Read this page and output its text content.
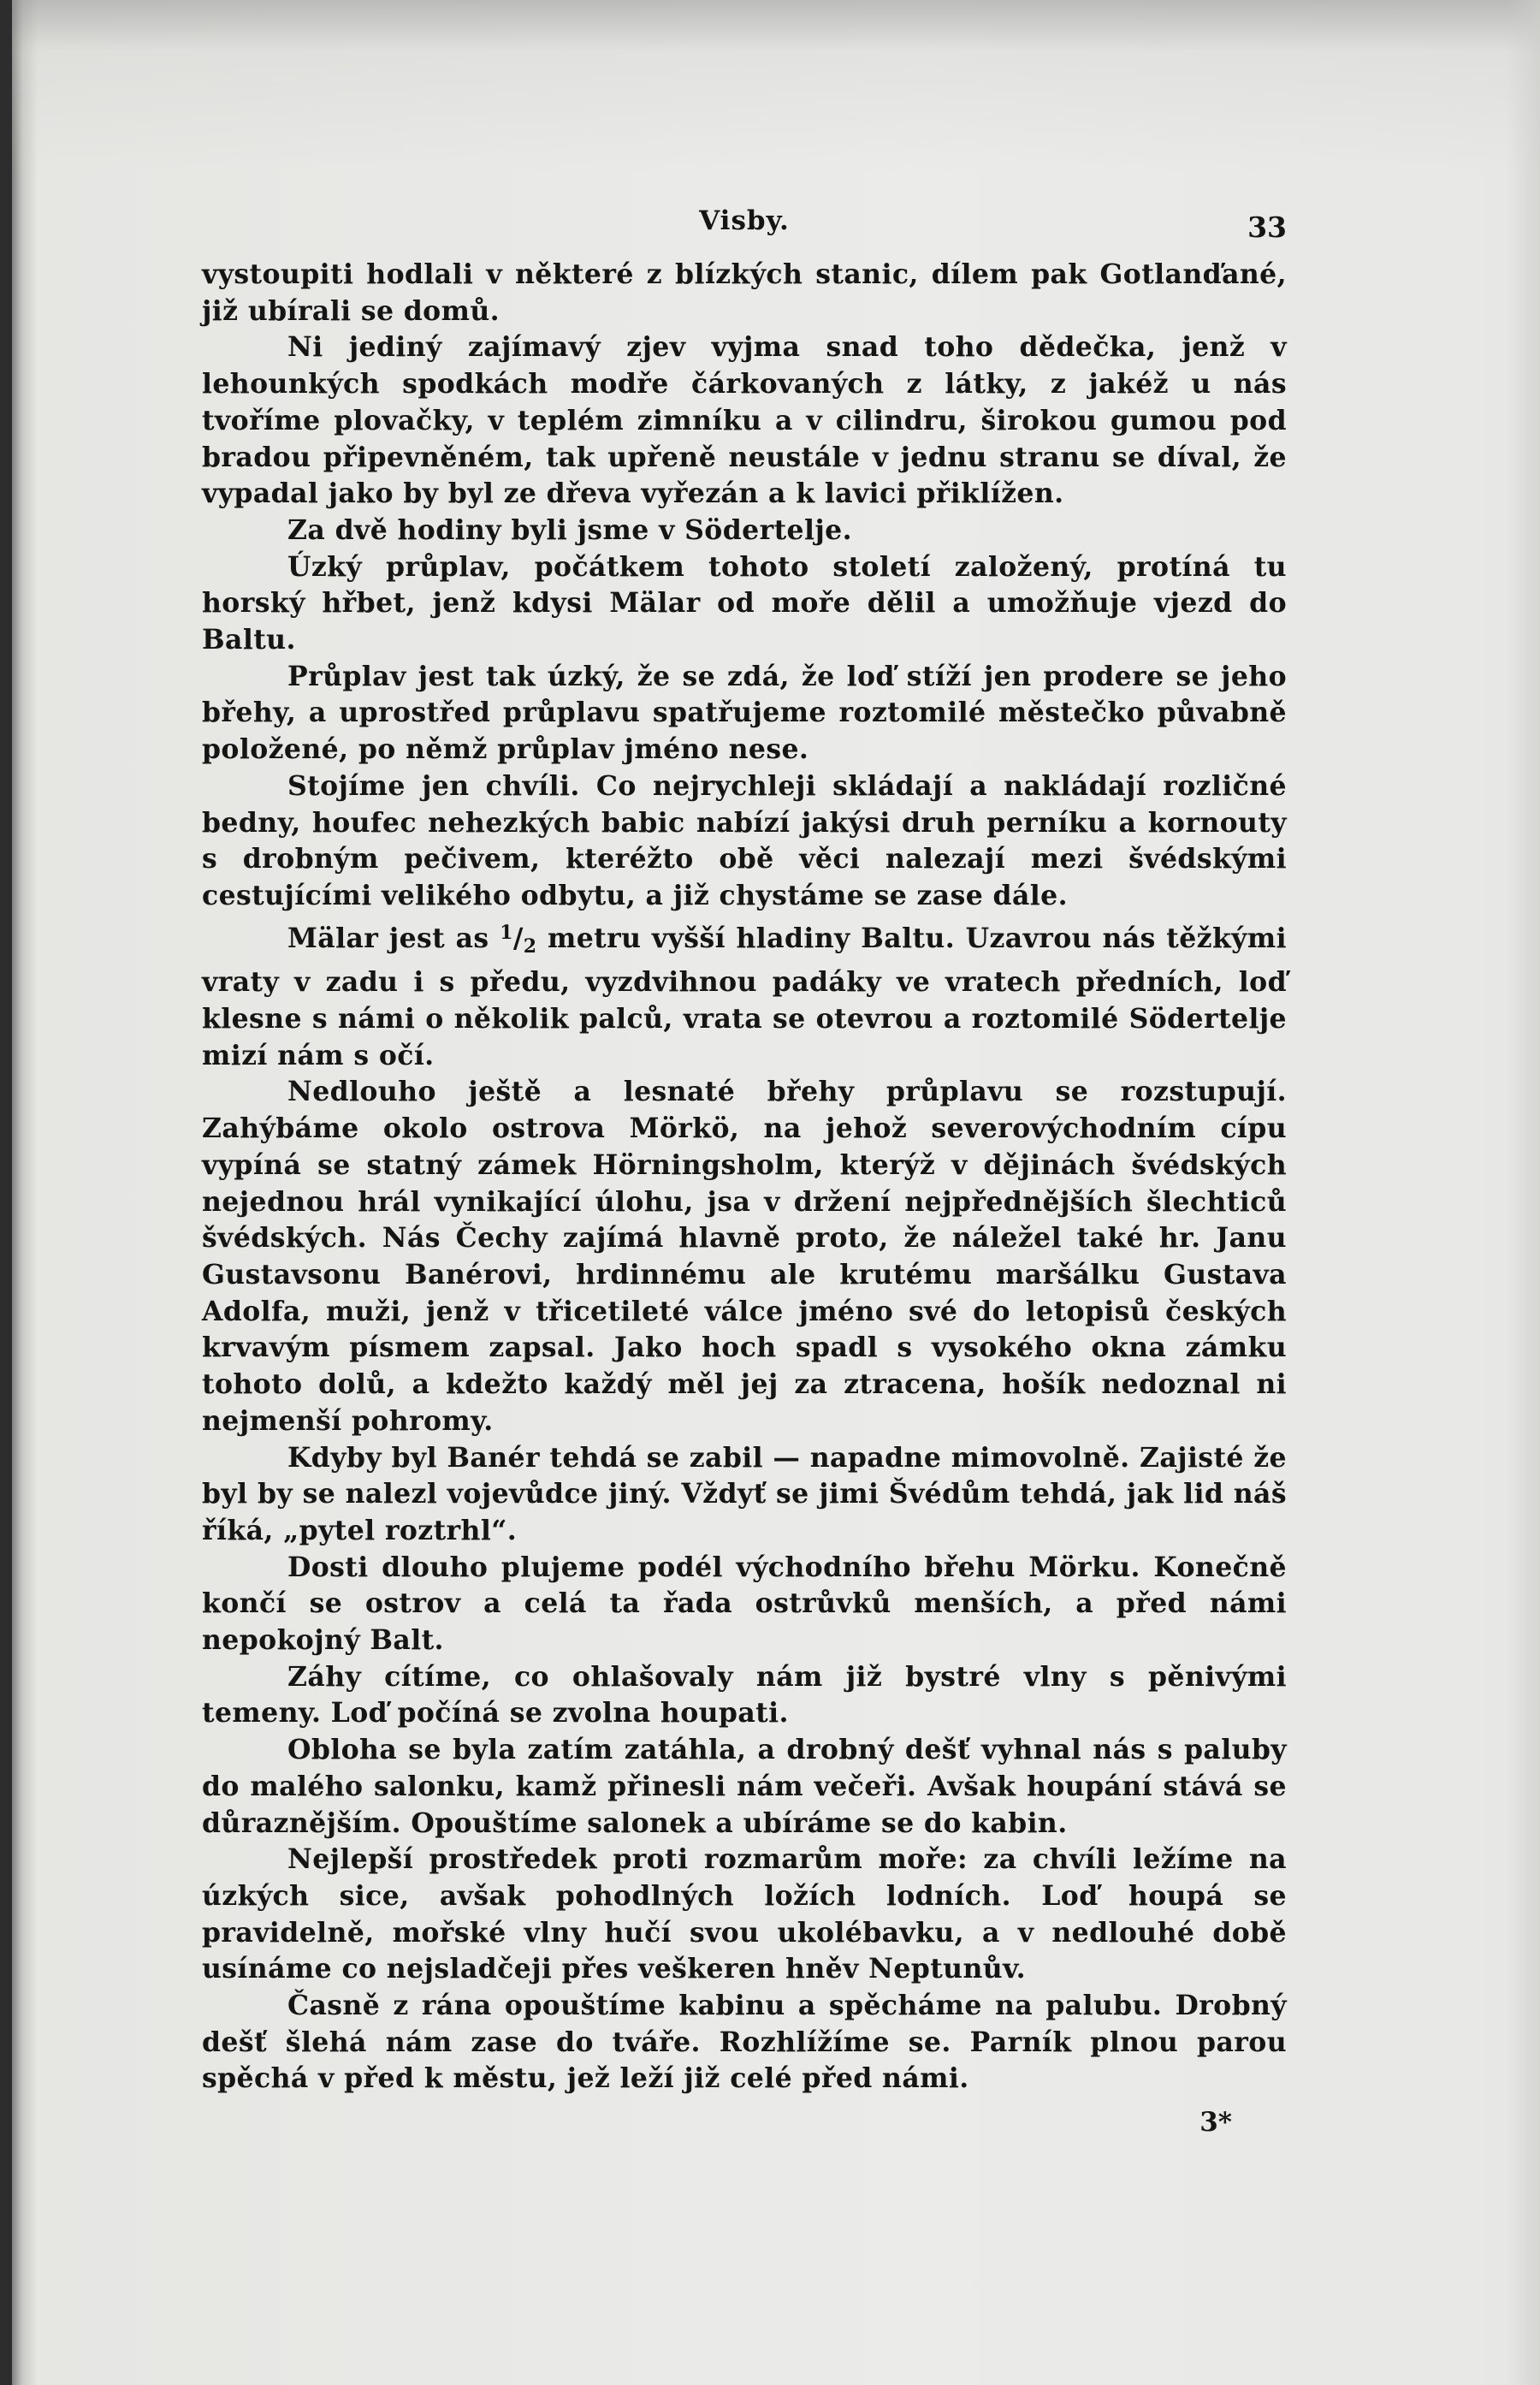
Visby.	33

vystoupiti hodlali v některé z blízkých stanic, dílem pak Gotlanďané, již ubírali se domů.

Ni jediný zajímavý zjev vyjma snad toho dědečka, jenž v lehounkých spodkách modře čárkovaných z látky, z jakéž u nás tvoříme plovačky, v teplém zimníku a v cilindru, širokou gumou pod bradou připevněném, tak upřeně neustále v jednu stranu se díval, že vypadal jako by byl ze dřeva vyřezán a k lavici přiklížen.

Za dvě hodiny byli jsme v Södertelje.

Úzký průplav, počátkem tohoto století založený, protíná tu horský hřbet, jenž kdysi Mälar od moře dělil a umožňuje vjezd do Baltu.

Průplav jest tak úzký, že se zdá, že loď stíží jen prodere se jeho břehy, a uprostřed průplavu spatřujeme roztomilé městečko půvabně položené, po němž průplav jméno nese.

Stojíme jen chvíli. Co nejrychleji skládají a nakládají rozličné bedny, houfec nehezkých babic nabízí jakýsi druh perníku a kornouty s drobným pečivem, kteréžto obě věci nalezají mezi švédskými cestujícími velikého odbytu, a již chystáme se zase dále.

Mälar jest as $^1$/2 metru vyšší hladiny Baltu. Uzavrou nás těžkými vraty v zadu i s předu, vyzdvihnou padáky ve vratech předních, loď klesne s námi o několik palců, vrata se otevrou a roztomilé Södertelje mizí nám s očí.

Nedlouho ještě a lesnaté břehy průplavu se rozstupují. Zahýbáme okolo ostrova Mörkö, na jehož severovýchodním cípu vypíná se statný zámek Hörningsholm, kterýž v dějinách švédských nejednou hrál vynikající úlohu, jsa v držení nejpřednějších šlechticů švédských. Nás Čechy zajímá hlavně proto, že náležel také hr. Janu Gustavsonu Banérovi, hrdinnému ale krutému maršálku Gustava Adolfa, muži, jenž v třicetileté válce jméno své do letopisů českých krvavým písmem zapsal. Jako hoch spadl s vysokého okna zámku tohoto dolů, a kdežto každý měl jej za ztracena, hošík nedoznal ni nejmenší pohromy.

Kdyby byl Banér tehdá se zabil — napadne mimovolně. Zajisté že byl by se nalezl vojevůdce jiný. Vždyť se jimi Švédům tehdá, jak lid náš říká, „pytel roztrhl“.

Dosti dlouho plujeme podél východního břehu Mörku. Konečně končí se ostrov a celá ta řada ostrůvků menších, a před námi nepokojný Balt.

Záhy cítíme, co ohlašovaly nám již bystré vlny s pěnivými temeny. Loď počíná se zvolna houpati.

Obloha se byla zatím zatáhla, a drobný dešť vyhnal nás s paluby do malého salonku, kamž přinesli nám večeři. Avšak houpání stává se důraznějším. Opouštíme salonek a ubíráme se do kabin.

Nejlepší prostředek proti rozmarům moře: za chvíli ležíme na úzkých sice, avšak pohodlných ložích lodních. Loď houpá se pravidelně, mořské vlny hučí svou ukolébavku, a v nedlouhé době usínáme co nejsladčeji přes veškeren hněv Neptunův.

Časně z rána opouštíme kabinu a spěcháme na palubu. Drobný dešť šlehá nám zase do tváře. Rozhlížíme se. Parník plnou parou spěchá v před k městu, jež leží již celé před námi.

3*
